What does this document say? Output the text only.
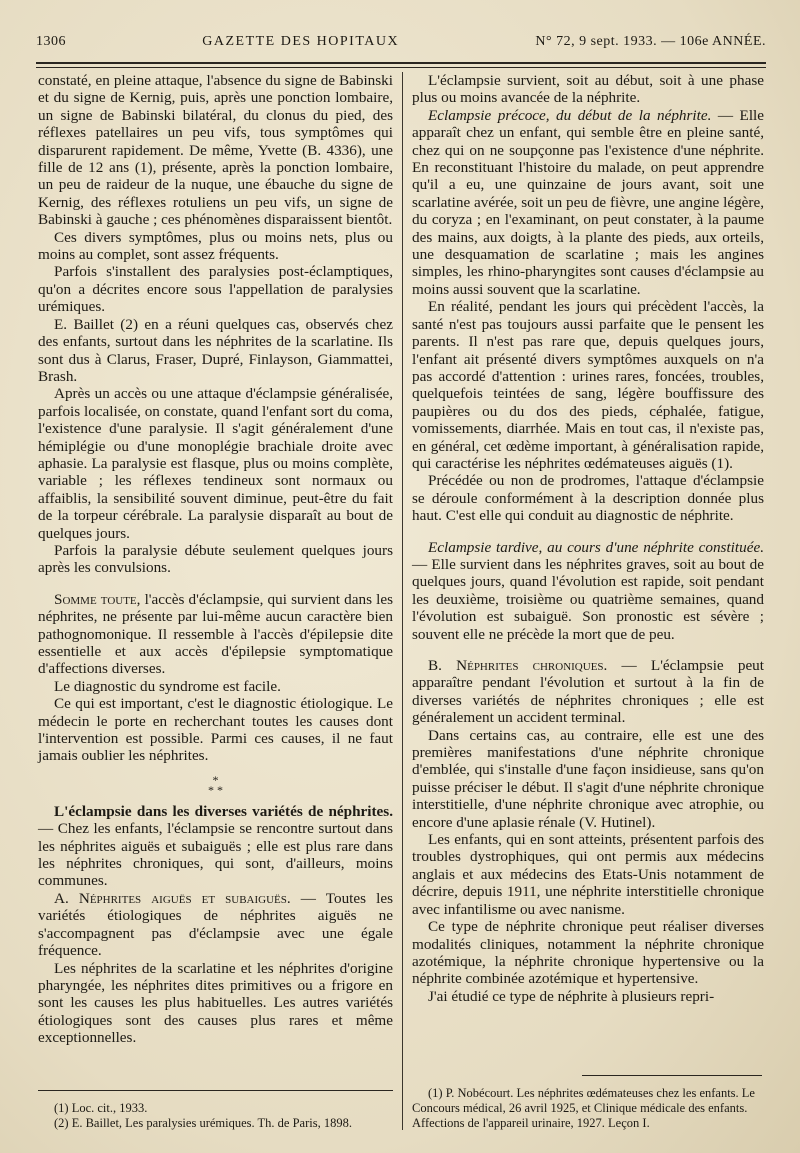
1306	GAZETTE DES HOPITAUX	N° 72, 9 sept. 1933. — 106e ANNÉE.

constaté, en pleine attaque, l'absence du signe de Babinski et du signe de Kernig, puis, après une ponction lombaire, un signe de Babinski bilatéral, du clonus du pied, des réflexes patellaires un peu vifs, tous symptômes qui disparurent rapidement. De même, Yvette (B. 4336), une fille de 12 ans (1), présente, après la ponction lombaire, un peu de raideur de la nuque, une ébauche du signe de Kernig, des réflexes rotuliens un peu vifs, un signe de Babinski à gauche ; ces phénomènes disparaissent bientôt.

Ces divers symptômes, plus ou moins nets, plus ou moins au complet, sont assez fréquents.

Parfois s'installent des paralysies post-éclamptiques, qu'on a décrites encore sous l'appellation de paralysies urémiques.

E. Baillet (2) en a réuni quelques cas, observés chez des enfants, surtout dans les néphrites de la scarlatine. Ils sont dus à Clarus, Fraser, Dupré, Finlayson, Giammattei, Brash.

Après un accès ou une attaque d'éclampsie généralisée, parfois localisée, on constate, quand l'enfant sort du coma, l'existence d'une paralysie. Il s'agit généralement d'une hémiplégie ou d'une monoplégie brachiale droite avec aphasie. La paralysie est flasque, plus ou moins complète, variable ; les réflexes tendineux sont normaux ou affaiblis, la sensibilité souvent diminue, peut-être du fait de la torpeur cérébrale. La paralysie disparaît au bout de quelques jours.

Parfois la paralysie débute seulement quelques jours après les convulsions.

Somme toute, l'accès d'éclampsie, qui survient dans les néphrites, ne présente par lui-même aucun caractère bien pathognomonique. Il ressemble à l'accès d'épilepsie dite essentielle et aux accès d'épilepsie symptomatique d'affections diverses.

Le diagnostic du syndrome est facile.

Ce qui est important, c'est le diagnostic étiologique. Le médecin le porte en recherchant toutes les causes dont l'intervention est possible. Parmi ces causes, il ne faut jamais oublier les néphrites.

*
* *

L'éclampsie dans les diverses variétés de néphrites. — Chez les enfants, l'éclampsie se rencontre surtout dans les néphrites aiguës et subaiguës ; elle est plus rare dans les néphrites chroniques, qui sont, d'ailleurs, moins communes.

A. Néphrites aiguës et subaiguës. — Toutes les variétés étiologiques de néphrites aiguës ne s'accompagnent pas d'éclampsie avec une égale fréquence.

Les néphrites de la scarlatine et les néphrites d'origine pharyngée, les néphrites dites primitives ou a frigore en sont les causes les plus habituelles. Les autres variétés étiologiques sont des causes plus rares et même exceptionnelles.

L'éclampsie survient, soit au début, soit à une phase plus ou moins avancée de la néphrite.

Eclampsie précoce, du début de la néphrite. — Elle apparaît chez un enfant, qui semble être en pleine santé, chez qui on ne soupçonne pas l'existence d'une néphrite. En reconstituant l'histoire du malade, on peut apprendre qu'il a eu, une quinzaine de jours avant, soit une scarlatine avérée, soit un peu de fièvre, une angine légère, du coryza ; en l'examinant, on peut constater, à la paume des mains, aux doigts, à la plante des pieds, aux orteils, une desquamation de scarlatine ; mais les angines simples, les rhino-pharyngites sont causes d'éclampsie au moins aussi souvent que la scarlatine.

En réalité, pendant les jours qui précèdent l'accès, la santé n'est pas toujours aussi parfaite que le pensent les parents. Il n'est pas rare que, depuis quelques jours, l'enfant ait présenté divers symptômes auxquels on n'a pas accordé d'attention : urines rares, foncées, troubles, quelquefois teintées de sang, légère bouffissure des paupières ou du dos des pieds, céphalée, fatigue, vomissements, diarrhée. Mais en tout cas, il n'existe pas, en général, cet œdème important, à généralisation rapide, qui caractérise les néphrites œdémateuses aiguës (1).

Précédée ou non de prodromes, l'attaque d'éclampsie se déroule conformément à la description donnée plus haut. C'est elle qui conduit au diagnostic de néphrite.

Eclampsie tardive, au cours d'une néphrite constituée. — Elle survient dans les néphrites graves, soit au bout de quelques jours, quand l'évolution est rapide, soit pendant les deuxième, troisième ou quatrième semaines, quand l'évolution est subaiguë. Son pronostic est sévère ; souvent elle ne précède la mort que de peu.

B. Néphrites chroniques. — L'éclampsie peut apparaître pendant l'évolution et surtout à la fin de diverses variétés de néphrites chroniques ; elle est généralement un accident terminal.

Dans certains cas, au contraire, elle est une des premières manifestations d'une néphrite chronique d'emblée, qui s'installe d'une façon insidieuse, sans qu'on puisse préciser le début. Il s'agit d'une néphrite chronique interstitielle, d'une néphrite chronique avec atrophie, ou encore d'une aplasie rénale (V. Hutinel).

Les enfants, qui en sont atteints, présentent parfois des troubles dystrophiques, qui ont permis aux médecins anglais et aux médecins des Etats-Unis notamment de décrire, depuis 1911, une néphrite interstitielle chronique avec infantilisme ou avec nanisme.

Ce type de néphrite chronique peut réaliser diverses modalités cliniques, notamment la néphrite chronique azotémique, la néphrite chronique hypertensive ou la néphrite combinée azotémique et hypertensive.

J'ai étudié ce type de néphrite à plusieurs repri-

(1) Loc. cit., 1933.

(2) E. Baillet, Les paralysies urémiques. Th. de Paris, 1898.

(1) P. Nobécourt. Les néphrites œdémateuses chez les enfants. Le Concours médical, 26 avril 1925, et Clinique médicale des enfants. Affections de l'appareil urinaire, 1927. Leçon I.
